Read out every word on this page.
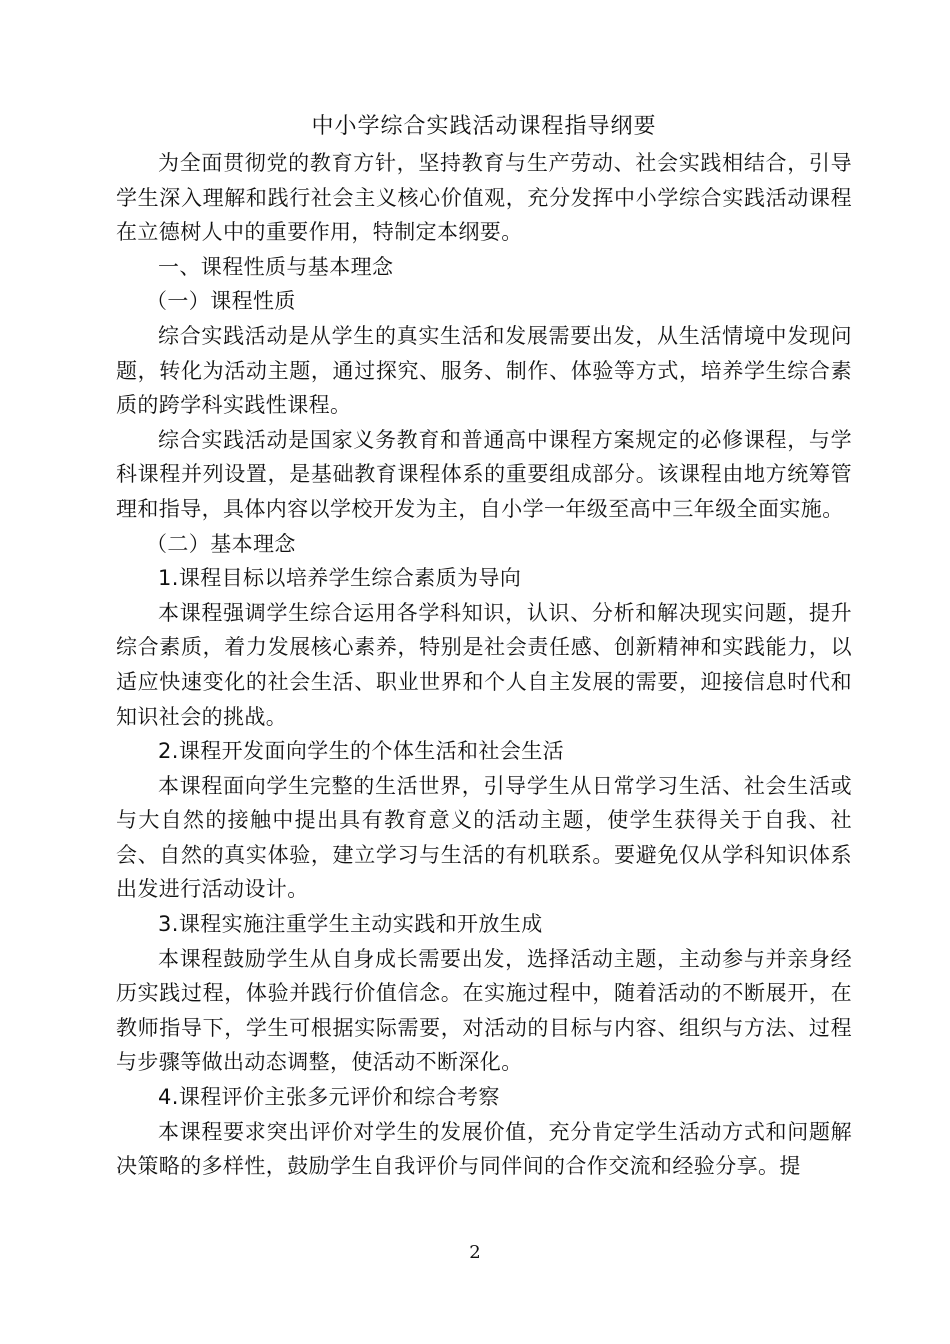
中小学综合实践活动课程指导纲要

为全面贯彻党的教育方针，坚持教育与生产劳动、社会实践相结合，引导学生深入理解和践行社会主义核心价值观，充分发挥中小学综合实践活动课程在立德树人中的重要作用，特制定本纲要。

一、课程性质与基本理念

（一）课程性质

综合实践活动是从学生的真实生活和发展需要出发，从生活情境中发现问题，转化为活动主题，通过探究、服务、制作、体验等方式，培养学生综合素质的跨学科实践性课程。

综合实践活动是国家义务教育和普通高中课程方案规定的必修课程，与学科课程并列设置，是基础教育课程体系的重要组成部分。该课程由地方统筹管理和指导，具体内容以学校开发为主，自小学一年级至高中三年级全面实施。

（二）基本理念

1.课程目标以培养学生综合素质为导向

本课程强调学生综合运用各学科知识，认识、分析和解决现实问题，提升综合素质，着力发展核心素养，特别是社会责任感、创新精神和实践能力，以适应快速变化的社会生活、职业世界和个人自主发展的需要，迎接信息时代和知识社会的挑战。

2.课程开发面向学生的个体生活和社会生活

本课程面向学生完整的生活世界，引导学生从日常学习生活、社会生活或与大自然的接触中提出具有教育意义的活动主题，使学生获得关于自我、社会、自然的真实体验，建立学习与生活的有机联系。要避免仅从学科知识体系出发进行活动设计。

3.课程实施注重学生主动实践和开放生成

本课程鼓励学生从自身成长需要出发，选择活动主题，主动参与并亲身经历实践过程，体验并践行价值信念。在实施过程中，随着活动的不断展开，在教师指导下，学生可根据实际需要，对活动的目标与内容、组织与方法、过程与步骤等做出动态调整，使活动不断深化。

4.课程评价主张多元评价和综合考察

本课程要求突出评价对学生的发展价值，充分肯定学生活动方式和问题解决策略的多样性，鼓励学生自我评价与同伴间的合作交流和经验分享。提

2
